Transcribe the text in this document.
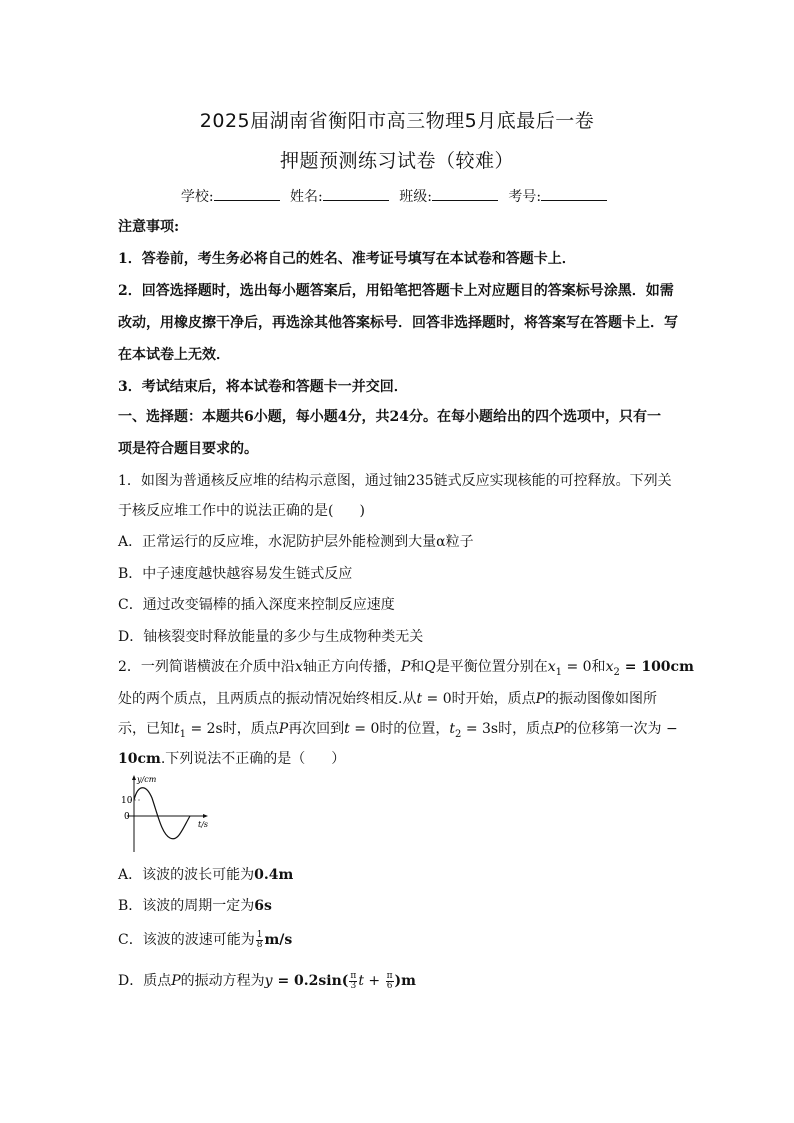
2025届湖南省衡阳市高三物理5月底最后一卷
押题预测练习试卷（较难）
学校:	姓名:	班级:	考号:
注意事项:
1．答卷前，考生务必将自己的姓名、准考证号填写在本试卷和答题卡上．
2．回答选择题时，选出每小题答案后，用铅笔把答题卡上对应题目的答案标号涂黑．如需
改动，用橡皮擦干净后，再选涂其他答案标号．回答非选择题时，将答案写在答题卡上．写
在本试卷上无效．
3．考试结束后，将本试卷和答题卡一并交回．
一、选择题：本题共6小题，每小题4分，共24分。在每小题给出的四个选项中，只有一
项是符合题目要求的。
1．如图为普通核反应堆的结构示意图，通过铀235链式反应实现核能的可控释放。下列关
于核反应堆工作中的说法正确的是( )
A．正常运行的反应堆，水泥防护层外能检测到大量α粒子
B．中子速度越快越容易发生链式反应
C．通过改变镉棒的插入深度来控制反应速度
D．铀核裂变时释放能量的多少与生成物种类无关
2．一列简谐横波在介质中沿x轴正方向传播，P和Q是平衡位置分别在$x_1 = 0$和$x_2 = 100cm$
处的两个质点，且两质点的振动情况始终相反.从t = 0时开始，质点P的振动图像如图所
示，已知$t_1 = 2s$时，质点P再次回到t = 0时的位置，$t_2 = 3s$时，质点P的位移第一次为 −
10cm.下列说法不正确的是（ ）
y/cm
t/s
10
0
A．该波的波长可能为0.4m
B．该波的周期一定为6s
C．该波的波速可能为 $\frac{1}{8} m/s$
D．质点P的振动方程为$y = 0.2\sin( \frac{\pi}{3}$ $t + \frac{\pi}{6} )m$
